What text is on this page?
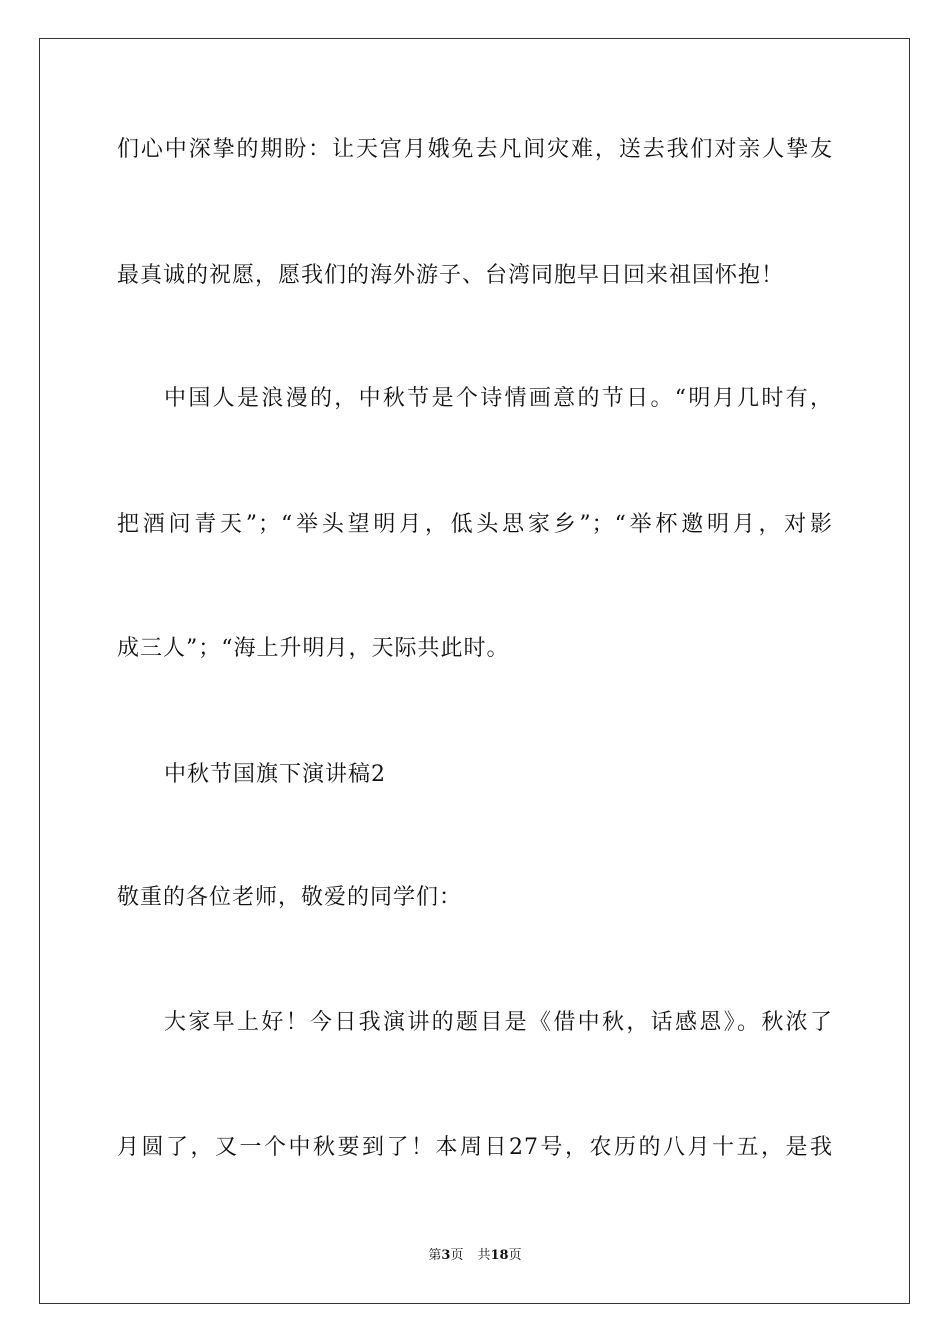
们心中深挚的期盼：让天宫月娥免去凡间灾难，送去我们对亲人挚友
最真诚的祝愿，愿我们的海外游子、台湾同胞早日回来祖国怀抱！
中国人是浪漫的，中秋节是个诗情画意的节日。“明月几时有，
把酒问青天”；“举头望明月，低头思家乡”；“举杯邀明月，对影
成三人”；“海上升明月，天际共此时。
中秋节国旗下演讲稿2
敬重的各位老师，敬爱的同学们：
大家早上好！今日我演讲的题目是《借中秋，话感恩》。秋浓了
月圆了，又一个中秋要到了！本周日27号，农历的八月十五，是我
第3页 共18页
